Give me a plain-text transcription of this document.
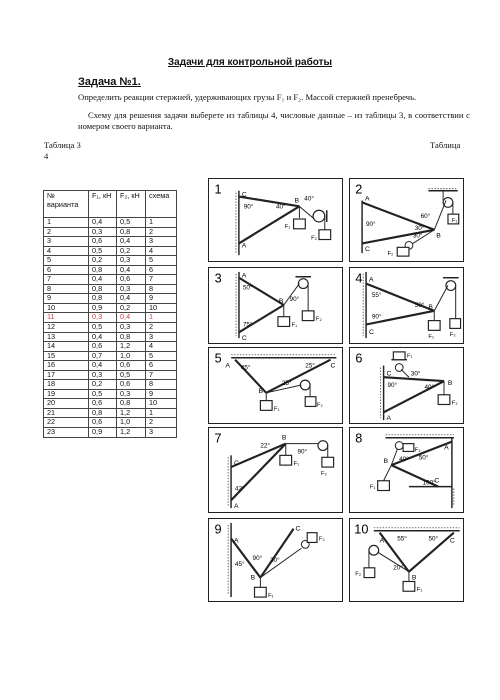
Задачи для контрольной работы
Задача №1.
Определить реакции стержней, удерживающих грузы F₁ и F₂. Массой стержней пренебречь.
Схему для решения задачи выберете из таблицы 4, числовые данные – из таблицы 3, в соответствии с номером своего варианта.
Таблица 3
4
Таблица
№ варианта	F₁, кН	F₂, кН	схема
1	0,4	0,5	1
2	0,3	0,8	2
3	0,6	0,4	3
4	0,5	0,2	4
5	0,2	0,3	5
6	0,8	0,4	6
7	0,4	0,6	7
8	0,8	0,3	8
9	0,8	0,4	9
10	0,9	0,2	10
11	0,3	0,4	1
12	0,5	0,3	2
13	0,4	0,8	3
14	0,6	1,2	4
15	0,7	1,0	5
16	0,4	0,6	6
17	0,3	0,5	7
18	0,2	0,6	8
19	0,5	0,3	9
20	0,6	0,8	10
21	0,8	1,2	1
22	0,6	1,0	2
23	0,9	1,2	3
1	C
A
B
F₁
F₂
90°	40°
40°
2
A
C
B
F₁
F₂
90°
60°
30°
30°
3	A
C
B
F₁
F₂
50°
90°
75°
4 A
C
B
F₁	F₂
55°
90°
50°
5
A	C
B
F₁
F₂
45°	25°
25°
6
C
A
B
F₁
F₂
30°
90°	40°
7
C
A
B
F₁
F₂
22°
90°
42°
8
A
B
C
F₁
F₂
40° 50°
100°
9
A
C
B
F₁
F₂
45°
90° 30°
10
A	C
B
F₁
F₂
55°	50°
20°
